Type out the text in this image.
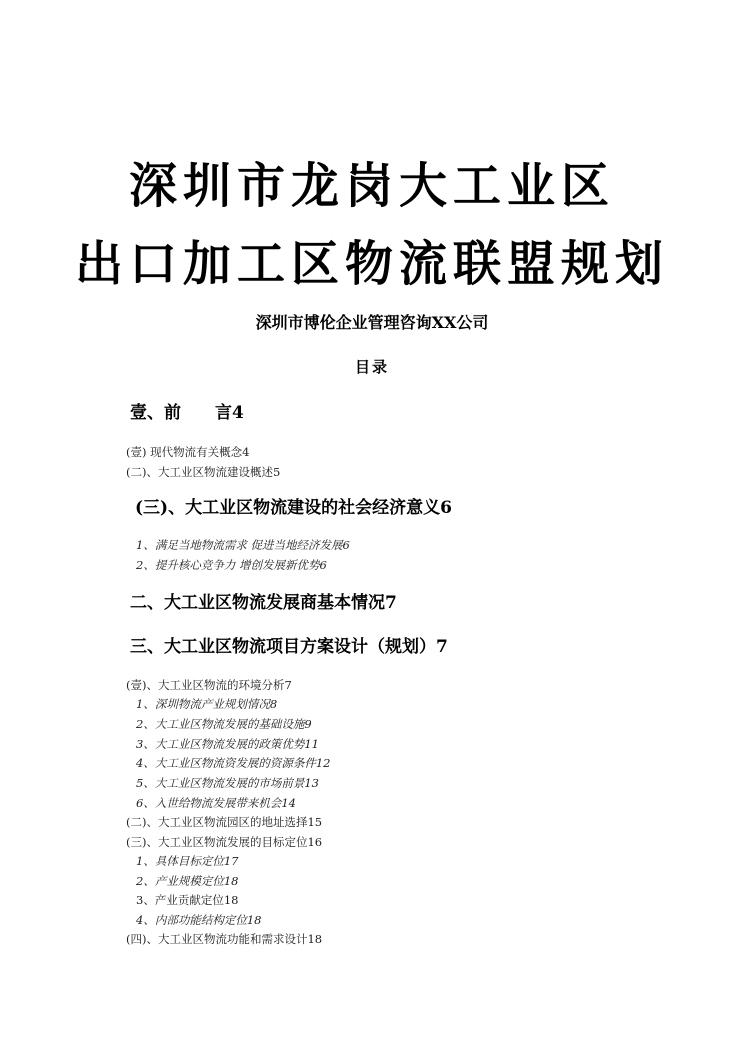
深圳市龙岗大工业区
出口加工区物流联盟规划
深圳市博伦企业管理咨询XX公司
目录
壹、前　　言4
(壹) 现代物流有关概念4
(二)、大工业区物流建设概述5
(三)、大工业区物流建设的社会经济意义6
1、满足当地物流需求 促进当地经济发展6
2、提升核心竞争力 增创发展新优势6
二、大工业区物流发展商基本情况7
三、大工业区物流项目方案设计（规划）7
(壹)、大工业区物流的环境分析7
1、深圳物流产业规划情况8
2、大工业区物流发展的基础设施9
3、大工业区物流发展的政策优势11
4、大工业区物流资发展的资源条件12
5、大工业区物流发展的市场前景13
6、入世给物流发展带来机会14
(二)、大工业区物流园区的地址选择15
(三)、大工业区物流发展的目标定位16
1、具体目标定位17
2、产业规模定位18
3、产业贡献定位18
4、内部功能结构定位18
(四)、大工业区物流功能和需求设计18
